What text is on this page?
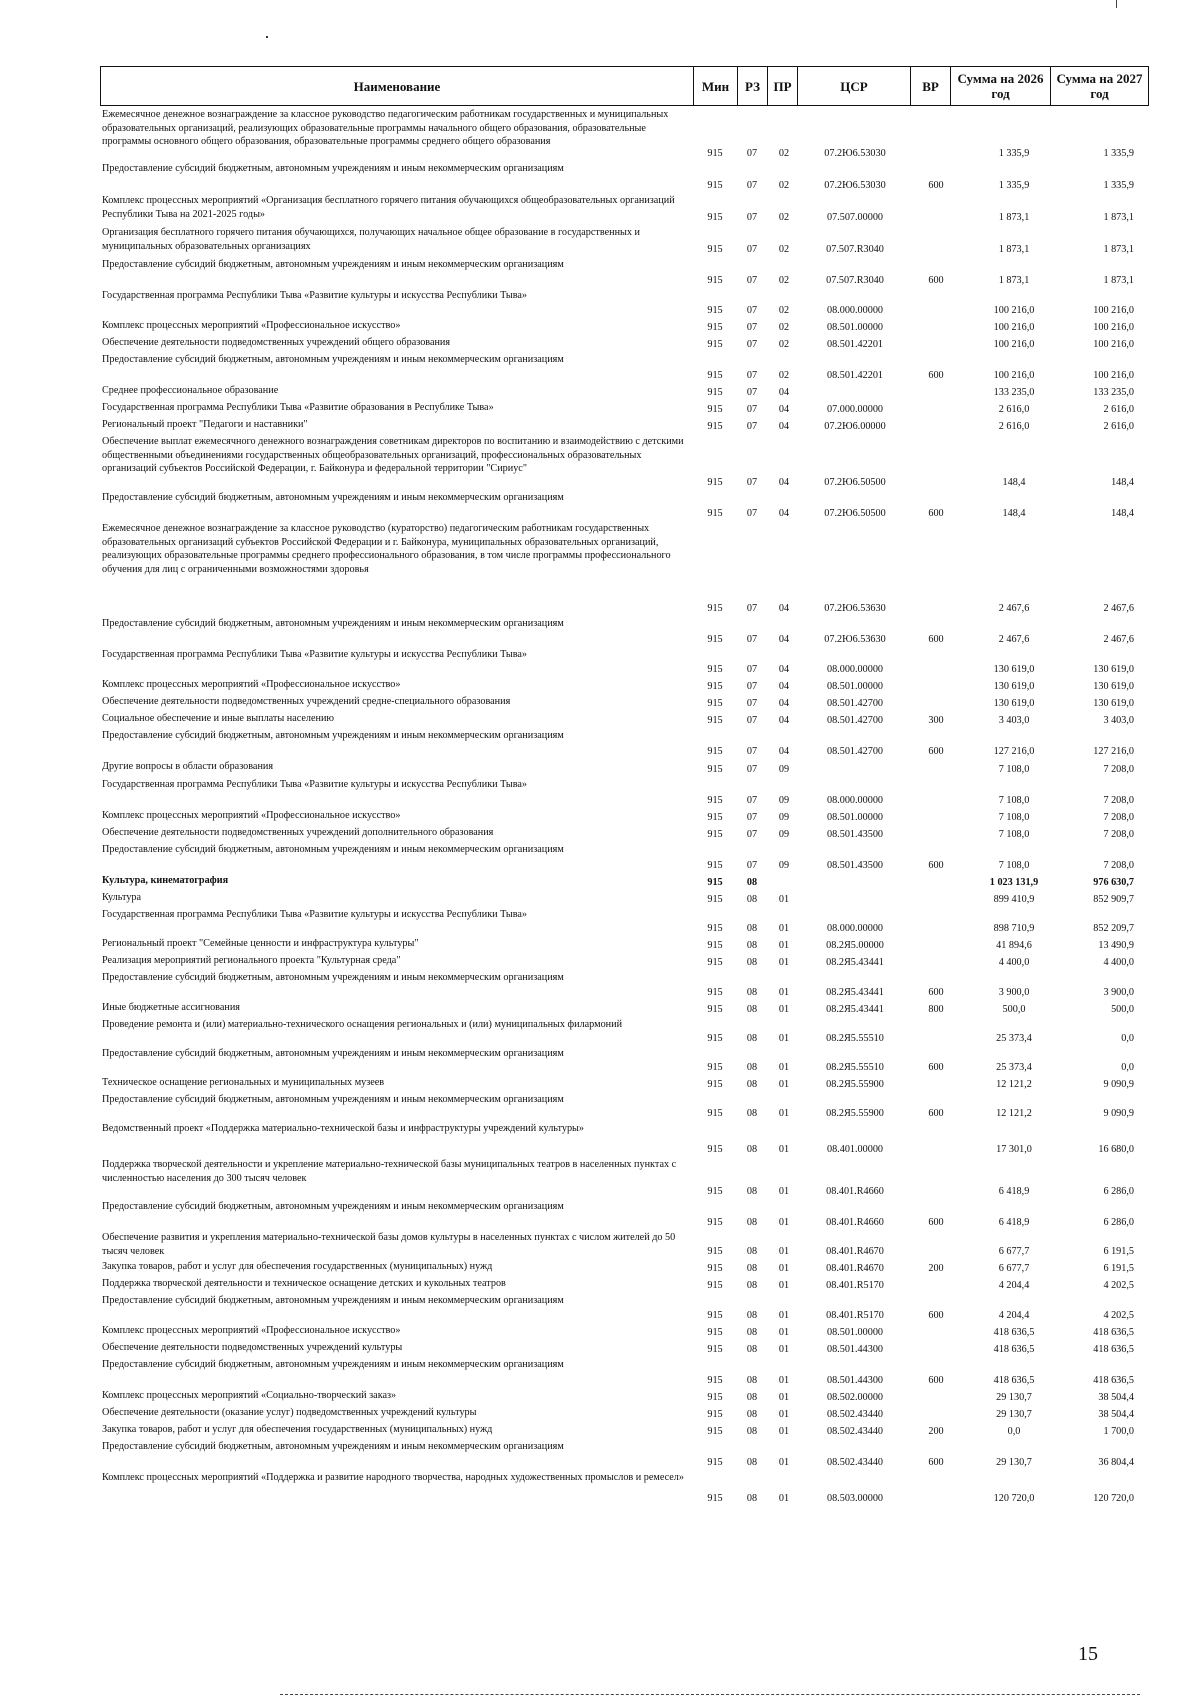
Наименование	Мин	РЗ	ПР	ЦСР	ВР	Сумма на 2026 год	Сумма на 2027 год
Ежемесячное денежное вознаграждение за классное руководство педагогическим работникам государственных и муниципальных образовательных организаций, реализующих образовательные программы начального общего образования, образовательные программы основного общего образования, образовательные программы среднего общего образования
915	07	02	07.2Ю6.53030	1 335,9	1 335,9
Предоставление субсидий бюджетным, автономным учреждениям и иным некоммерческим организациям
915	07	02	07.2Ю6.53030	600	1 335,9	1 335,9
Комплекс процессных мероприятий «Организация бесплатного горячего питания обучающихся общеобразовательных организаций Республики Тыва на 2021-2025 годы»	915	07	02	07.507.00000	1 873,1	1 873,1
Организация бесплатного горячего питания обучающихся, получающих начальное общее образование в государственных и муниципальных образовательных организациях	915	07	02	07.507.R3040	1 873,1	1 873,1
Предоставление субсидий бюджетным, автономным учреждениям и иным некоммерческим организациям
915	07	02	07.507.R3040	600	1 873,1	1 873,1
Государственная программа Республики Тыва «Развитие культуры и искусства Республики Тыва»
915	07	02	08.000.00000	100 216,0	100 216,0
Комплекс процессных мероприятий «Профессиональное искусство»	915	07	02	08.501.00000	100 216,0	100 216,0
Обеспечение деятельности подведомственных учреждений общего образования	915	07	02	08.501.42201	100 216,0	100 216,0
Предоставление субсидий бюджетным, автономным учреждениям и иным некоммерческим организациям
915	07	02	08.501.42201	600	100 216,0	100 216,0
Среднее профессиональное образование	915	07	04	133 235,0	133 235,0
Государственная программа Республики Тыва «Развитие образования в Республике Тыва»	915	07	04	07.000.00000	2 616,0	2 616,0
Региональный проект "Педагоги и наставники"	915	07	04	07.2Ю6.00000	2 616,0	2 616,0
Обеспечение выплат ежемесячного денежного вознаграждения советникам директоров по воспитанию и взаимодействию с детскими общественными объединениями государственных общеобразовательных организаций, профессиональных образовательных организаций субъектов Российской Федерации, г. Байконура и федеральной территории "Сириус"
915	07	04	07.2Ю6.50500	148,4	148,4
Предоставление субсидий бюджетным, автономным учреждениям и иным некоммерческим организациям
915	07	04	07.2Ю6.50500	600	148,4	148,4
Ежемесячное денежное вознаграждение за классное руководство (кураторство) педагогическим работникам государственных образовательных организаций субъектов Российской Федерации и г. Байконура, муниципальных образовательных организаций, реализующих образовательные программы среднего профессионального образования, в том числе программы профессионального обучения для лиц с ограниченными возможностями здоровья
915	07	04	07.2Ю6.53630	2 467,6	2 467,6
Предоставление субсидий бюджетным, автономным учреждениям и иным некоммерческим организациям
915	07	04	07.2Ю6.53630	600	2 467,6	2 467,6
Государственная программа Республики Тыва «Развитие культуры и искусства Республики Тыва»
915	07	04	08.000.00000	130 619,0	130 619,0
Комплекс процессных мероприятий «Профессиональное искусство»	915	07	04	08.501.00000	130 619,0	130 619,0
Обеспечение деятельности подведомственных учреждений средне-специального образования	915	07	04	08.501.42700	130 619,0	130 619,0
Социальное обеспечение и иные выплаты населению	915	07	04	08.501.42700	300	3 403,0	3 403,0
Предоставление субсидий бюджетным, автономным учреждениям и иным некоммерческим организациям
915	07	04	08.501.42700	600	127 216,0	127 216,0
Другие вопросы в области образования	915	07	09	7 108,0	7 208,0
Государственная программа Республики Тыва «Развитие культуры и искусства Республики Тыва»
915	07	09	08.000.00000	7 108,0	7 208,0
Комплекс процессных мероприятий «Профессиональное искусство»	915	07	09	08.501.00000	7 108,0	7 208,0
Обеспечение деятельности подведомственных учреждений дополнительного образования	915	07	09	08.501.43500	7 108,0	7 208,0
Предоставление субсидий бюджетным, автономным учреждениям и иным некоммерческим организациям
915	07	09	08.501.43500	600	7 108,0	7 208,0
Культура, кинематография	915	08	1 023 131,9	976 630,7
Культура	915	08	01	899 410,9	852 909,7
Государственная программа Республики Тыва «Развитие культуры и искусства Республики Тыва»
915	08	01	08.000.00000	898 710,9	852 209,7
Региональный проект "Семейные ценности и инфраструктура культуры"	915	08	01	08.2Я5.00000	41 894,6	13 490,9
Реализация мероприятий регионального проекта "Культурная среда"	915	08	01	08.2Я5.43441	4 400,0	4 400,0
Предоставление субсидий бюджетным, автономным учреждениям и иным некоммерческим организациям
915	08	01	08.2Я5.43441	600	3 900,0	3 900,0
Иные бюджетные ассигнования	915	08	01	08.2Я5.43441	800	500,0	500,0
Проведение ремонта и (или) материально-технического оснащения региональных и (или) муниципальных филармоний
915	08	01	08.2Я5.55510	25 373,4	0,0
Предоставление субсидий бюджетным, автономным учреждениям и иным некоммерческим организациям
915	08	01	08.2Я5.55510	600	25 373,4	0,0
Техническое оснащение региональных и муниципальных музеев	915	08	01	08.2Я5.55900	12 121,2	9 090,9
Предоставление субсидий бюджетным, автономным учреждениям и иным некоммерческим организациям
915	08	01	08.2Я5.55900	600	12 121,2	9 090,9
Ведомственный проект «Поддержка материально-технической базы и инфраструктуры учреждений культуры»
915	08	01	08.401.00000	17 301,0	16 680,0
Поддержка творческой деятельности и укрепление материально-технической базы муниципальных театров в населенных пунктах с численностью населения до 300 тысяч человек
915	08	01	08.401.R4660	6 418,9	6 286,0
Предоставление субсидий бюджетным, автономным учреждениям и иным некоммерческим организациям
915	08	01	08.401.R4660	600	6 418,9	6 286,0
Обеспечение развития и укрепления материально-технической базы домов культуры в населенных пунктах с числом жителей до 50 тысяч человек	915	08	01	08.401.R4670	6 677,7	6 191,5
Закупка товаров, работ и услуг для обеспечения государственных (муниципальных) нужд	915	08	01	08.401.R4670	200	6 677,7	6 191,5
Поддержка творческой деятельности и техническое оснащение детских и кукольных театров	915	08	01	08.401.R5170	4 204,4	4 202,5
Предоставление субсидий бюджетным, автономным учреждениям и иным некоммерческим организациям
915	08	01	08.401.R5170	600	4 204,4	4 202,5
Комплекс процессных мероприятий «Профессиональное искусство»	915	08	01	08.501.00000	418 636,5	418 636,5
Обеспечение деятельности подведомственных учреждений культуры	915	08	01	08.501.44300	418 636,5	418 636,5
Предоставление субсидий бюджетным, автономным учреждениям и иным некоммерческим организациям
915	08	01	08.501.44300	600	418 636,5	418 636,5
Комплекс процессных мероприятий «Социально-творческий заказ»	915	08	01	08.502.00000	29 130,7	38 504,4
Обеспечение деятельности (оказание услуг) подведомственных учреждений культуры	915	08	01	08.502.43440	29 130,7	38 504,4
Закупка товаров, работ и услуг для обеспечения государственных (муниципальных) нужд	915	08	01	08.502.43440	200	0,0	1 700,0
Предоставление субсидий бюджетным, автономным учреждениям и иным некоммерческим организациям
915	08	01	08.502.43440	600	29 130,7	36 804,4
Комплекс процессных мероприятий «Поддержка и развитие народного творчества, народных художественных промыслов и ремесел»
915	08	01	08.503.00000	120 720,0	120 720,0
15
